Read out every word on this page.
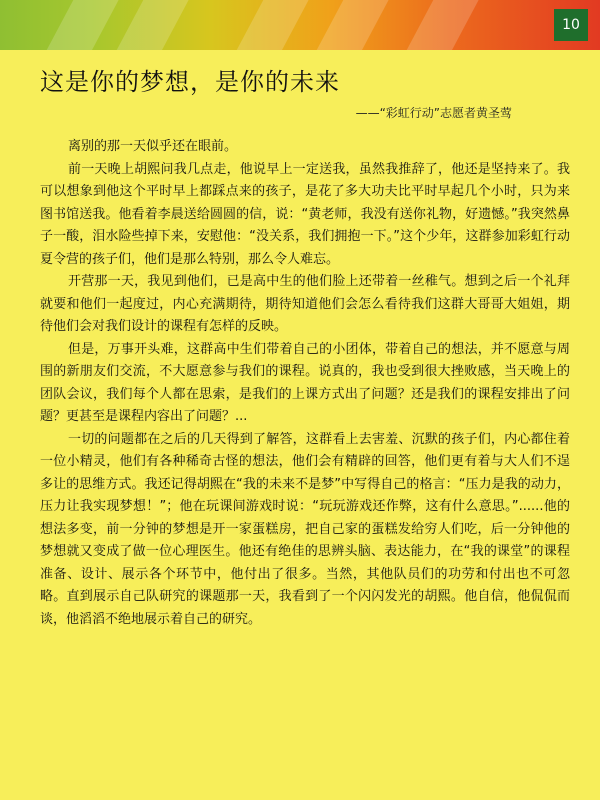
10
这是你的梦想，是你的未来
——“彩虹行动”志愿者黄圣莺

离别的那一天似乎还在眼前。

前一天晚上胡熙问我几点走，他说早上一定送我，虽然我推辞了，他还是坚持来了。我可以想象到他这个平时早上都踩点来的孩子，是花了多大功夫比平时早起几个小时，只为来图书馆送我。他看着李晨送给圆圆的信，说：“黄老师，我没有送你礼物，好遗憾。”我突然鼻子一酸，泪水险些掉下来，安慰他：“没关系，我们拥抱一下。”这个少年，这群参加彩虹行动夏令营的孩子们，他们是那么特别，那么令人难忘。

开营那一天，我见到他们，已是高中生的他们脸上还带着一丝稚气。想到之后一个礼拜就要和他们一起度过，内心充满期待，期待知道他们会怎么看待我们这群大哥哥大姐姐，期待他们会对我们设计的课程有怎样的反映。

但是，万事开头难，这群高中生们带着自己的小团体，带着自己的想法，并不愿意与周围的新朋友们交流，不大愿意参与我们的课程。说真的，我也受到很大挫败感，当天晚上的团队会议，我们每个人都在思索，是我们的上课方式出了问题？还是我们的课程安排出了问题？更甚至是课程内容出了问题？...

一切的问题都在之后的几天得到了解答，这群看上去害羞、沉默的孩子们，内心都住着一位小精灵，他们有各种稀奇古怪的想法，他们会有精辟的回答，他们更有着与大人们不逞多让的思维方式。我还记得胡熙在“我的未来不是梦”中写得自己的格言：“压力是我的动力，压力让我实现梦想！”；他在玩课间游戏时说：“玩玩游戏还作弊，这有什么意思。”......他的想法多变，前一分钟的梦想是开一家蛋糕房，把自己家的蛋糕发给穷人们吃，后一分钟他的梦想就又变成了做一位心理医生。他还有绝佳的思辨头脑、表达能力，在“我的课堂”的课程准备、设计、展示各个环节中，他付出了很多。当然，其他队员们的功劳和付出也不可忽略。直到展示自己队研究的课题那一天，我看到了一个闪闪发光的胡熙。他自信，他侃侃而谈，他滔滔不绝地展示着自己的研究。
